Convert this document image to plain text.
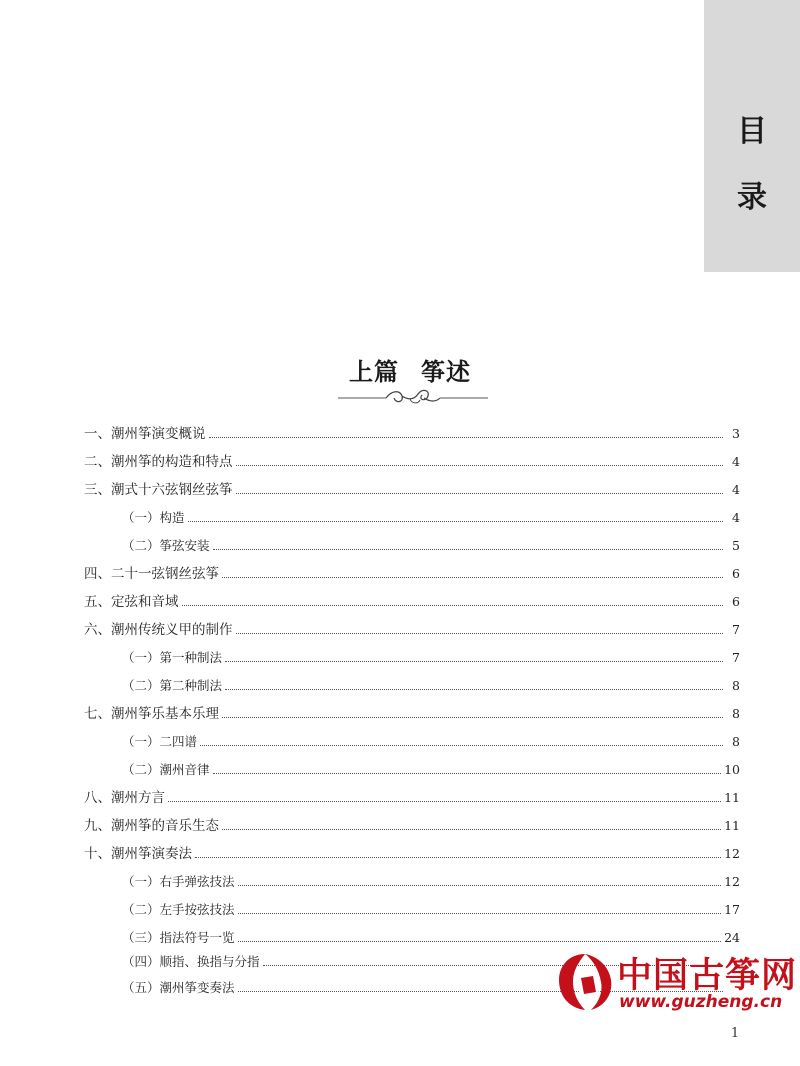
目
录
上篇 筝述
一、潮州筝演变概说	3
二、潮州筝的构造和特点	4
三、潮式十六弦钢丝弦筝	4
（一）构造	4
（二）筝弦安装	5
四、二十一弦钢丝弦筝	6
五、定弦和音域	6
六、潮州传统义甲的制作	7
（一）第一种制法	7
（二）第二种制法	8
七、潮州筝乐基本乐理	8
（一）二四谱	8
（二）潮州音律	10
八、潮州方言	11
九、潮州筝的音乐生态	11
十、潮州筝演奏法	12
（一）右手弹弦技法	12
（二）左手按弦技法	17
（三）指法符号一览	24
（四）顺指、换指与分指
（五）潮州筝变奏法	中国古筝网
www.guzheng.cn
1
